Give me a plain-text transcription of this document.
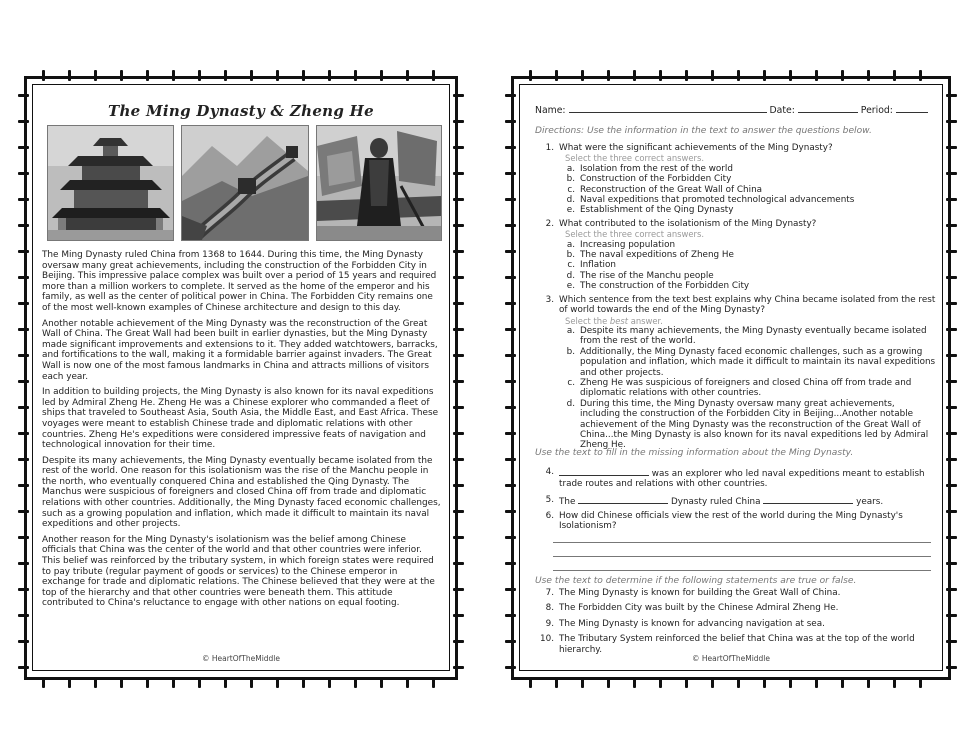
The Ming Dynasty & Zheng He

The Ming Dynasty ruled China from 1368 to 1644. During this time, the Ming Dynasty oversaw many great achievements, including the construction of the Forbidden City in Beijing. This impressive palace complex was built over a period of 15 years and required more than a million workers to complete. It served as the home of the emperor and his family, as well as the center of political power in China. The Forbidden City remains one of the most well-known examples of Chinese architecture and design to this day.

Another notable achievement of the Ming Dynasty was the reconstruction of the Great Wall of China. The Great Wall had been built in earlier dynasties, but the Ming Dynasty made significant improvements and extensions to it. They added watchtowers, barracks, and fortifications to the wall, making it a formidable barrier against invaders. The Great Wall is now one of the most famous landmarks in China and attracts millions of visitors each year.

In addition to building projects, the Ming Dynasty is also known for its naval expeditions led by Admiral Zheng He. Zheng He was a Chinese explorer who commanded a fleet of ships that traveled to Southeast Asia, South Asia, the Middle East, and East Africa. These voyages were meant to establish Chinese trade and diplomatic relations with other countries. Zheng He's expeditions were considered impressive feats of navigation and technological innovation for their time.

Despite its many achievements, the Ming Dynasty eventually became isolated from the rest of the world. One reason for this isolationism was the rise of the Manchu people in the north, who eventually conquered China and established the Qing Dynasty. The Manchus were suspicious of foreigners and closed China off from trade and diplomatic relations with other countries. Additionally, the Ming Dynasty faced economic challenges, such as a growing population and inflation, which made it difficult to maintain its naval expeditions and other projects.

Another reason for the Ming Dynasty's isolationism was the belief among Chinese officials that China was the center of the world and that other countries were inferior. This belief was reinforced by the tributary system, in which foreign states were required to pay tribute (regular payment of goods or services) to the Chinese emperor in exchange for trade and diplomatic relations. The Chinese believed that they were at the top of the hierarchy and that other countries were beneath them. This attitude contributed to China's reluctance to engage with other nations on equal footing.

© HeartOfTheMiddle
Name:	Date:	Period:
Directions: Use the information in the text to answer the questions below.
1. What were the significant achievements of the Ming Dynasty?
Select the three correct answers.
a. Isolation from the rest of the world
b. Construction of the Forbidden City
c. Reconstruction of the Great Wall of China
d. Naval expeditions that promoted technological advancements
e. Establishment of the Qing Dynasty
2. What contributed to the isolationism of the Ming Dynasty?
Select the three correct answers.
a. Increasing population
b. The naval expeditions of Zheng He
c. Inflation
d. The rise of the Manchu people
e. The construction of the Forbidden City
3. Which sentence from the text best explains why China became isolated from the rest of world towards the end of the Ming Dynasty?
Select the best answer.
a. Despite its many achievements, the Ming Dynasty eventually became isolated from the rest of the world.
b. Additionally, the Ming Dynasty faced economic challenges, such as a growing population and inflation, which made it difficult to maintain its naval expeditions and other projects.
c. Zheng He was suspicious of foreigners and closed China off from trade and diplomatic relations with other countries.
d. During this time, the Ming Dynasty oversaw many great achievements, including the construction of the Forbidden City in Beijing...Another notable achievement of the Ming Dynasty was the reconstruction of the Great Wall of China...the Ming Dynasty is also known for its naval expeditions led by Admiral Zheng He.
Use the text to fill in the missing information about the Ming Dynasty.
4.	was an explorer who led naval expeditions meant to establish trade routes and relations with other countries.
5. The	Dynasty ruled China	years.
6. How did Chinese officials view the rest of the world during the Ming Dynasty's Isolationism?
Use the text to determine if the following statements are true or false.
7. The Ming Dynasty is known for building the Great Wall of China.
8. The Forbidden City was built by the Chinese Admiral Zheng He.
9. The Ming Dynasty is known for advancing navigation at sea.
10. The Tributary System reinforced the belief that China was at the top of the world hierarchy.
© HeartOfTheMiddle
